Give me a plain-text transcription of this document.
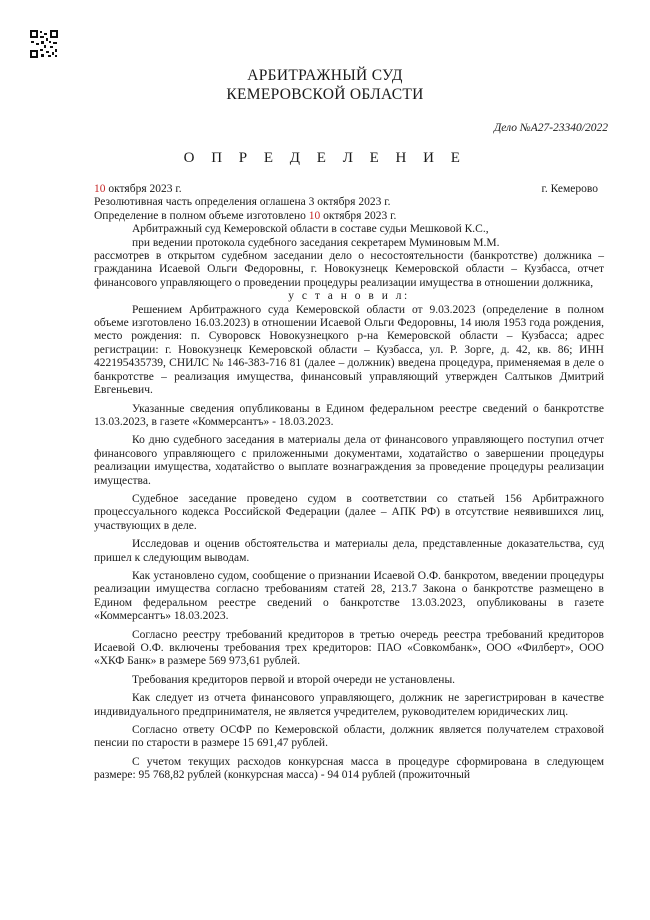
АРБИТРАЖНЫЙ СУД
КЕМЕРОВСКОЙ ОБЛАСТИ
Дело №А27-23340/2022
О П Р Е Д Е Л Е Н И Е
10 октября 2023 г.	г. Кемерово

Резолютивная часть определения оглашена 3 октября 2023 г.

Определение в полном объеме изготовлено 10 октября 2023 г.

Арбитражный суд Кемеровской области в составе судьи Мешковой К.С.,

при ведении протокола судебного заседания секретарем Муминовым М.М.

рассмотрев в открытом судебном заседании дело о несостоятельности (банкротстве) должника – гражданина Исаевой Ольги Федоровны, г. Новокузнецк Кемеровской области – Кузбасса, отчет финансового управляющего о проведении процедуры реализации имущества в отношении должника,

у с т а н о в и л:

Решением Арбитражного суда Кемеровской области от 9.03.2023 (определение в полном объеме изготовлено 16.03.2023) в отношении Исаевой Ольги Федоровны, 14 июля 1953 года рождения, место рождения: п. Суворовск Новокузнецкого р-на Кемеровской области – Кузбасса; адрес регистрации: г. Новокузнецк Кемеровской области – Кузбасса, ул. Р. Зорге, д. 42, кв. 86; ИНН 422195435739, СНИЛС № 146-383-716 81 (далее – должник) введена процедура, применяемая в деле о банкротстве – реализация имущества, финансовый управляющий утвержден Салтыков Дмитрий Евгеньевич.

Указанные сведения опубликованы в Едином федеральном реестре сведений о банкротстве 13.03.2023, в газете «Коммерсантъ» - 18.03.2023.

Ко дню судебного заседания в материалы дела от финансового управляющего поступил отчет финансового управляющего с приложенными документами, ходатайство о завершении процедуры реализации имущества, ходатайство о выплате вознаграждения за проведение процедуры реализации имущества.

Судебное заседание проведено судом в соответствии со статьей 156 Арбитражного процессуального кодекса Российской Федерации (далее – АПК РФ) в отсутствие неявившихся лиц, участвующих в деле.

Исследовав и оценив обстоятельства и материалы дела, представленные доказательства, суд пришел к следующим выводам.

Как установлено судом, сообщение о признании Исаевой О.Ф. банкротом, введении процедуры реализации имущества согласно требованиям статей 28, 213.7 Закона о банкротстве размещено в Едином федеральном реестре сведений о банкротстве 13.03.2023, опубликованы в газете «Коммерсантъ» 18.03.2023.

Согласно реестру требований кредиторов в третью очередь реестра требований кредиторов Исаевой О.Ф. включены требования трех кредиторов: ПАО «Совкомбанк», ООО «Филберт», ООО «ХКФ Банк» в размере 569 973,61 рублей.

Требования кредиторов первой и второй очереди не установлены.

Как следует из отчета финансового управляющего, должник не зарегистрирован в качестве индивидуального предпринимателя, не является учредителем, руководителем юридических лиц.

Согласно ответу ОСФР по Кемеровской области, должник является получателем страховой пенсии по старости в размере 15 691,47 рублей.

С учетом текущих расходов конкурсная масса в процедуре сформирована в следующем размере: 95 768,82 рублей (конкурсная масса) - 94 014 рублей (прожиточный
